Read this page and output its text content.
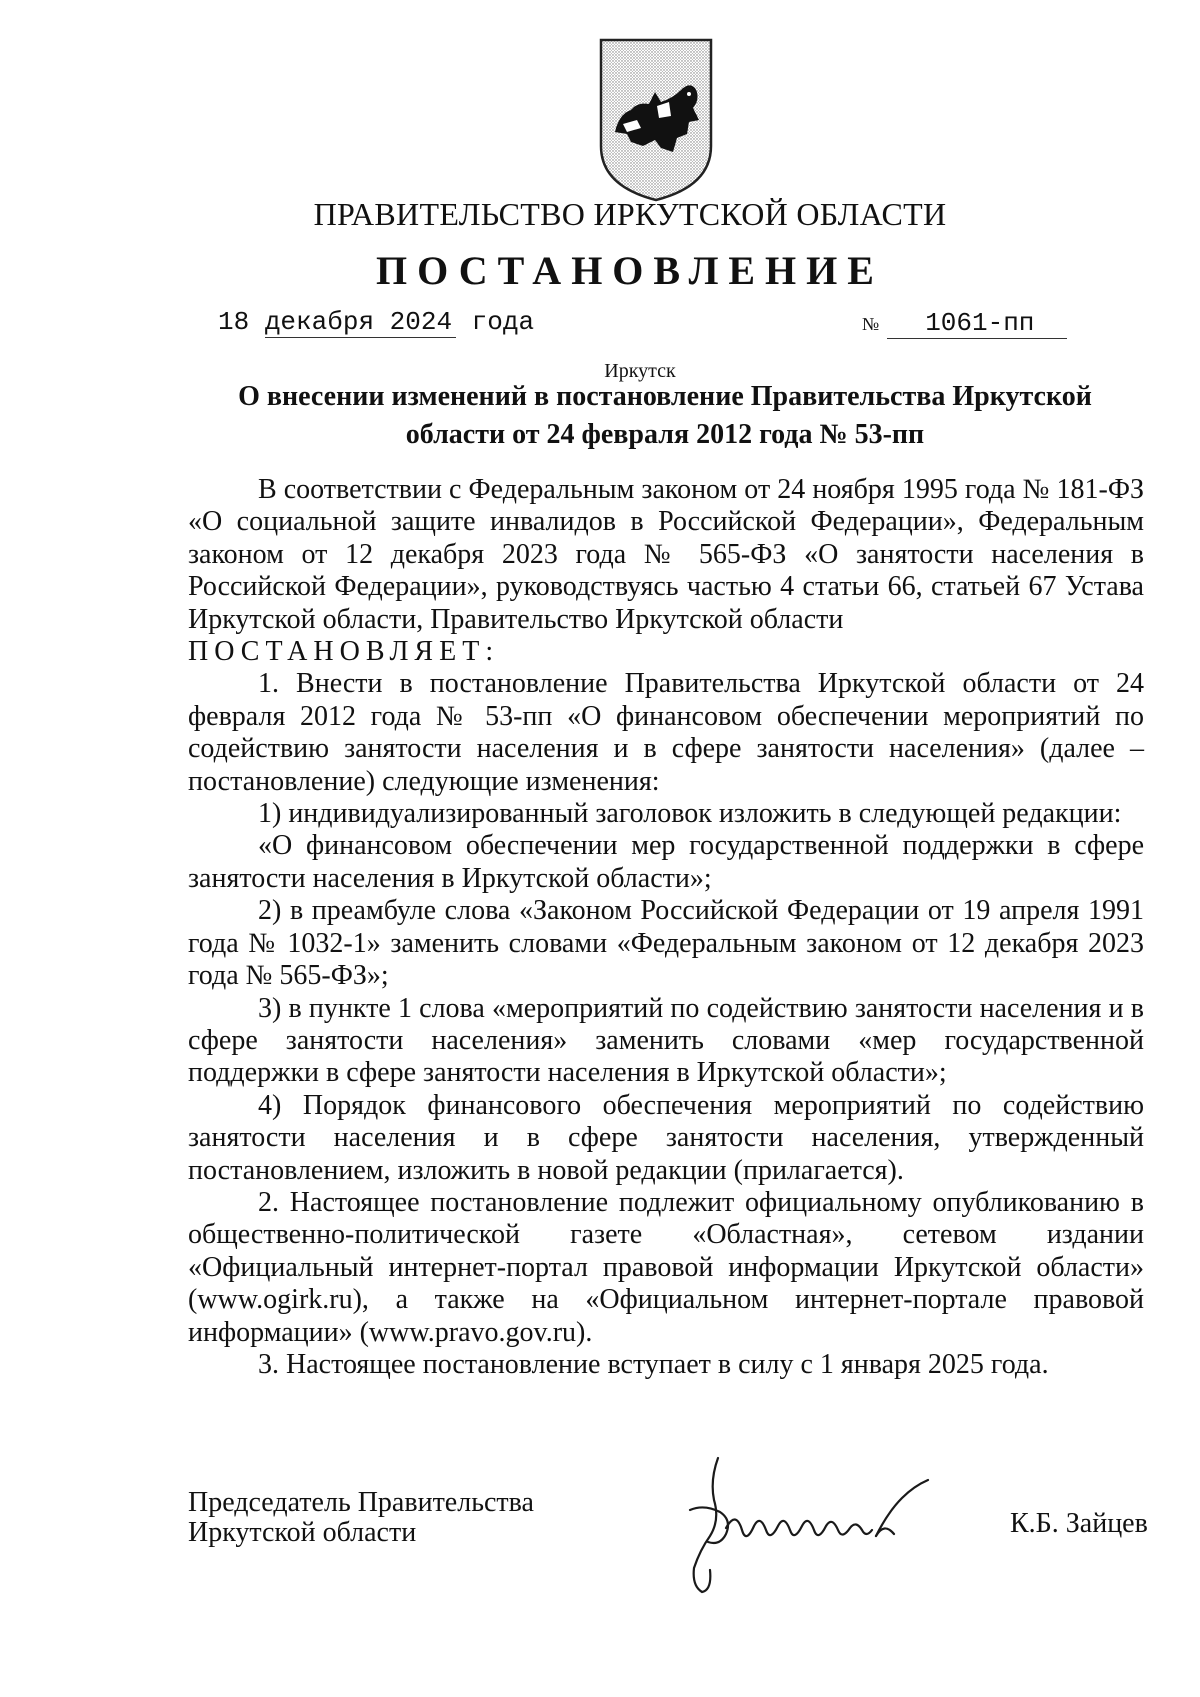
ПРАВИТЕЛЬСТВО ИРКУТСКОЙ ОБЛАСТИ
ПОСТАНОВЛЕНИЕ
18 декабря 2024 года	№ 1061-пп
Иркутск
О внесении изменений в постановление Правительства Иркутской
области от 24 февраля 2012 года № 53-пп

В соответствии с Федеральным законом от 24 ноября 1995 года № 181-ФЗ «О социальной защите инвалидов в Российской Федерации», Федеральным законом от 12 декабря 2023 года № 565-ФЗ «О занятости населения в Российской Федерации», руководствуясь частью 4 статьи 66, статьей 67 Устава Иркутской области, Правительство Иркутской области

ПОСТАНОВЛЯЕТ:

1. Внести в постановление Правительства Иркутской области от 24 февраля 2012 года № 53-пп «О финансовом обеспечении мероприятий по содействию занятости населения и в сфере занятости населения» (далее – постановление) следующие изменения:

1) индивидуализированный заголовок изложить в следующей редакции:

«О финансовом обеспечении мер государственной поддержки в сфере занятости населения в Иркутской области»;

2) в преамбуле слова «Законом Российской Федерации от 19 апреля 1991 года № 1032-1» заменить словами «Федеральным законом от 12 декабря 2023 года № 565-ФЗ»;

3) в пункте 1 слова «мероприятий по содействию занятости населения и в сфере занятости населения» заменить словами «мер государственной поддержки в сфере занятости населения в Иркутской области»;

4) Порядок финансового обеспечения мероприятий по содействию занятости населения и в сфере занятости населения, утвержденный постановлением, изложить в новой редакции (прилагается).

2. Настоящее постановление подлежит официальному опубликованию в общественно-политической газете «Областная», сетевом издании «Официальный интернет-портал правовой информации Иркутской области» (www.ogirk.ru), а также на «Официальном интернет-портале правовой информации» (www.pravo.gov.ru).

3. Настоящее постановление вступает в силу с 1 января 2025 года.

Председатель Правительства
Иркутской области	К.Б. Зайцев
